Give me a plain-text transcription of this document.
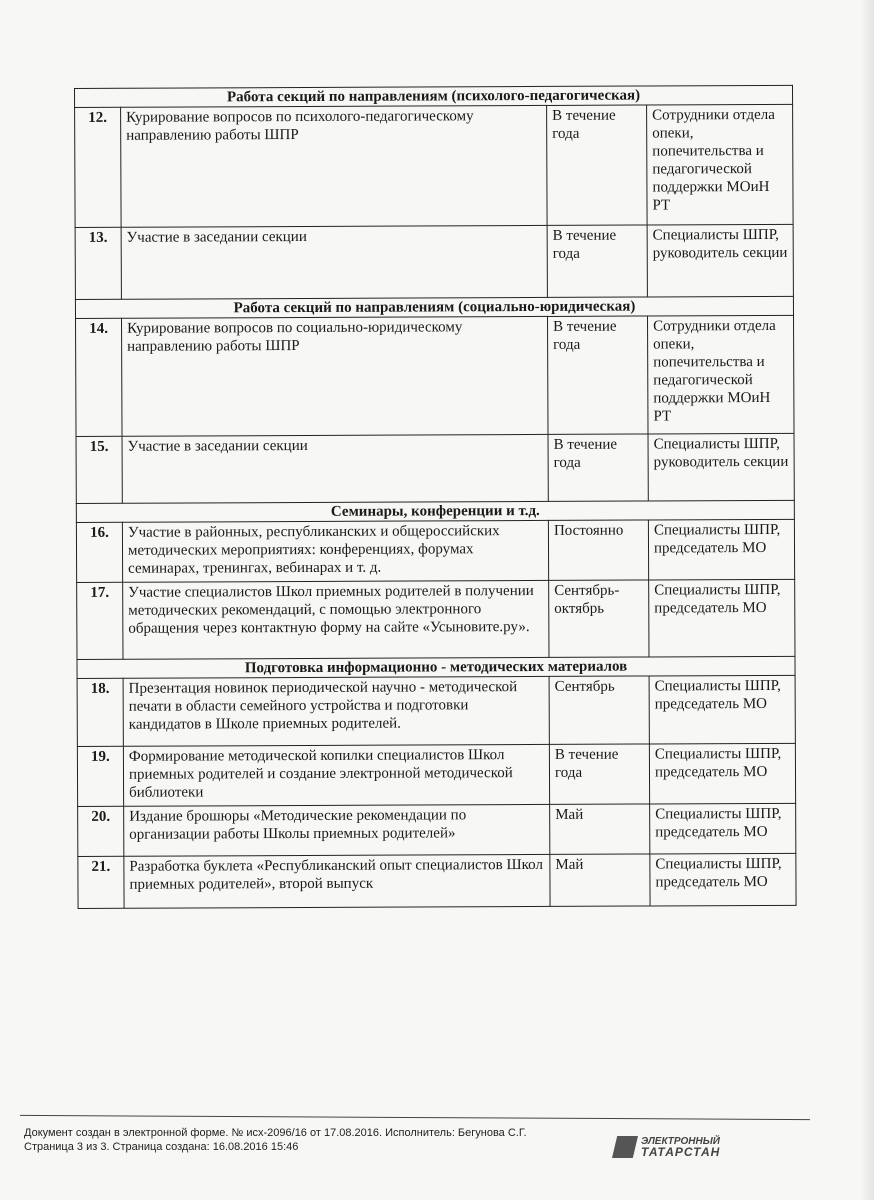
Работа секций по направлениям (психолого-педагогическая)			
12.	Курирование вопросов по психолого-педагогическому направлению работы ШПР	В течение года	Сотрудники отдела опеки, попечительства и педагогической поддержки МОиН РТ
13.	Участие в заседании секции	В течение года	Специалисты ШПР, руководитель секции
Работа секций по направлениям (социально-юридическая)			
14.	Курирование вопросов по социально-юридическому направлению работы ШПР	В течение года	Сотрудники отдела опеки, попечительства и педагогической поддержки МОиН РТ
15.	Участие в заседании секции	В течение года	Специалисты ШПР, руководитель секции
Семинары, конференции и т.д.			
16.	Участие в районных, республиканских и общероссийских методических мероприятиях: конференциях, форумах семинарах, тренингах, вебинарах и т. д.	Постоянно	Специалисты ШПР, председатель МО
17.	Участие специалистов Школ приемных родителей в получении методических рекомендаций, с помощью электронного обращения через контактную форму на сайте «Усыновите.ру».	Сентябрь-октябрь	Специалисты ШПР, председатель МО
Подготовка информационно - методических материалов			
18.	Презентация новинок периодической научно - методической печати в области семейного устройства и подготовки кандидатов в Школе приемных родителей.	Сентябрь	Специалисты ШПР, председатель МО
19.	Формирование методической копилки специалистов Школ приемных родителей и создание электронной методической библиотеки	В течение года	Специалисты ШПР, председатель МО
20.	Издание брошюры «Методические рекомендации по организации работы Школы приемных родителей»	Май	Специалисты ШПР, председатель МО
21.	Разработка буклета «Республиканский опыт специалистов Школ приемных родителей», второй выпуск	Май	Специалисты ШПР, председатель МО
Документ создан в электронной форме. № исх-2096/16 от 17.08.2016. Исполнитель: Бегунова С.Г.
Страница 3 из 3. Страница создана: 16.08.2016 15:46	ЭЛЕКТРОННЫЙ
ТАТАРСТАН
